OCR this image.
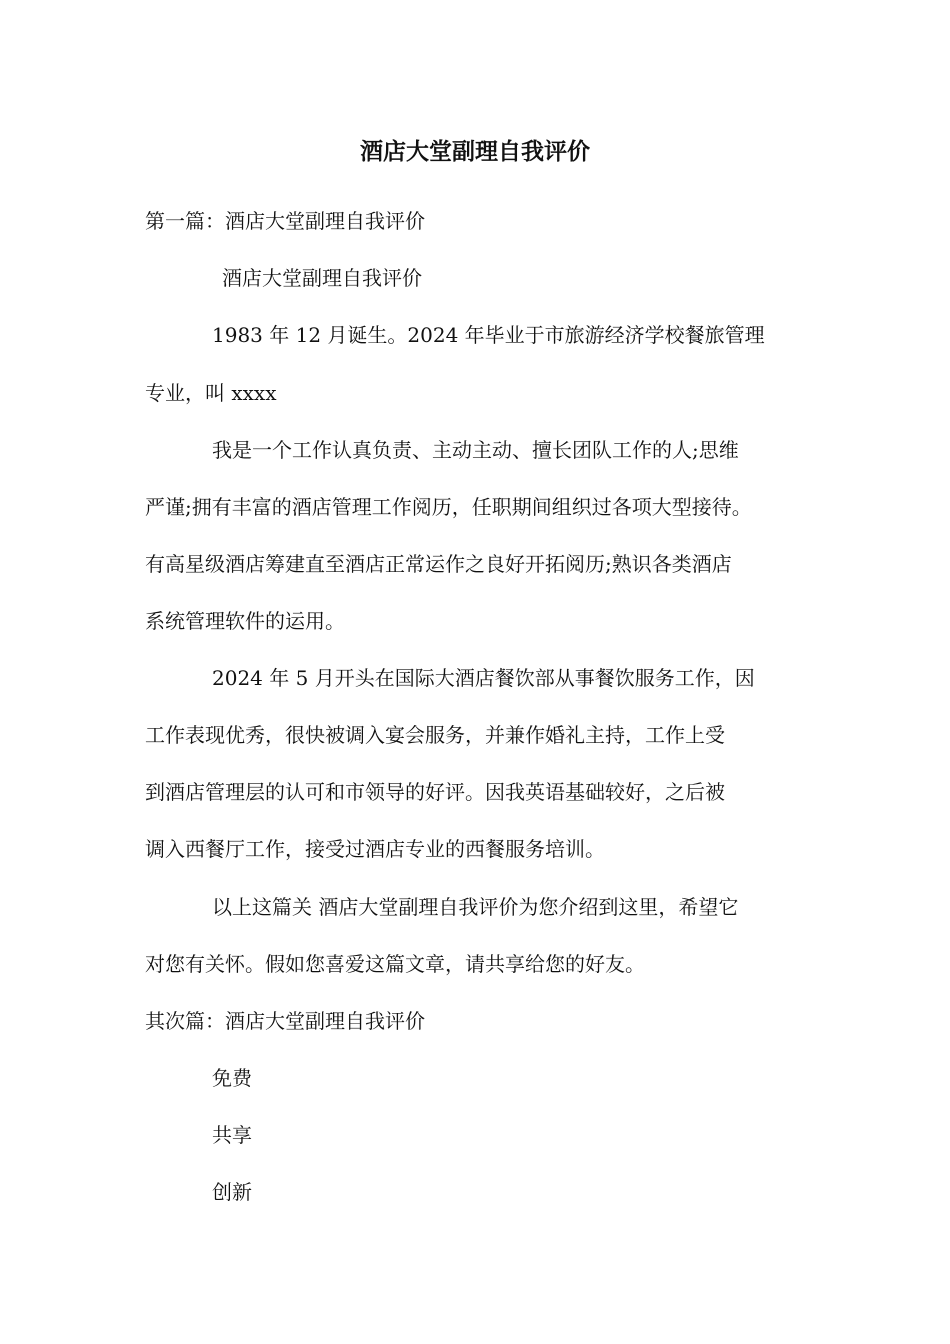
酒店大堂副理自我评价

第一篇：酒店大堂副理自我评价

酒店大堂副理自我评价

1983 年 12 月诞生。2024 年毕业于市旅游经济学校餐旅管理

专业，叫 xxxx

我是一个工作认真负责、主动主动、擅长团队工作的人;思维

严谨;拥有丰富的酒店管理工作阅历，任职期间组织过各项大型接待。

有高星级酒店筹建直至酒店正常运作之良好开拓阅历;熟识各类酒店

系统管理软件的运用。

2024 年 5 月开头在国际大酒店餐饮部从事餐饮服务工作，因

工作表现优秀，很快被调入宴会服务，并兼作婚礼主持，工作上受

到酒店管理层的认可和市领导的好评。因我英语基础较好，之后被

调入西餐厅工作，接受过酒店专业的西餐服务培训。

以上这篇关 酒店大堂副理自我评价为您介绍到这里，希望它

对您有关怀。假如您喜爱这篇文章，请共享给您的好友。

其次篇：酒店大堂副理自我评价

免费

共享

创新
